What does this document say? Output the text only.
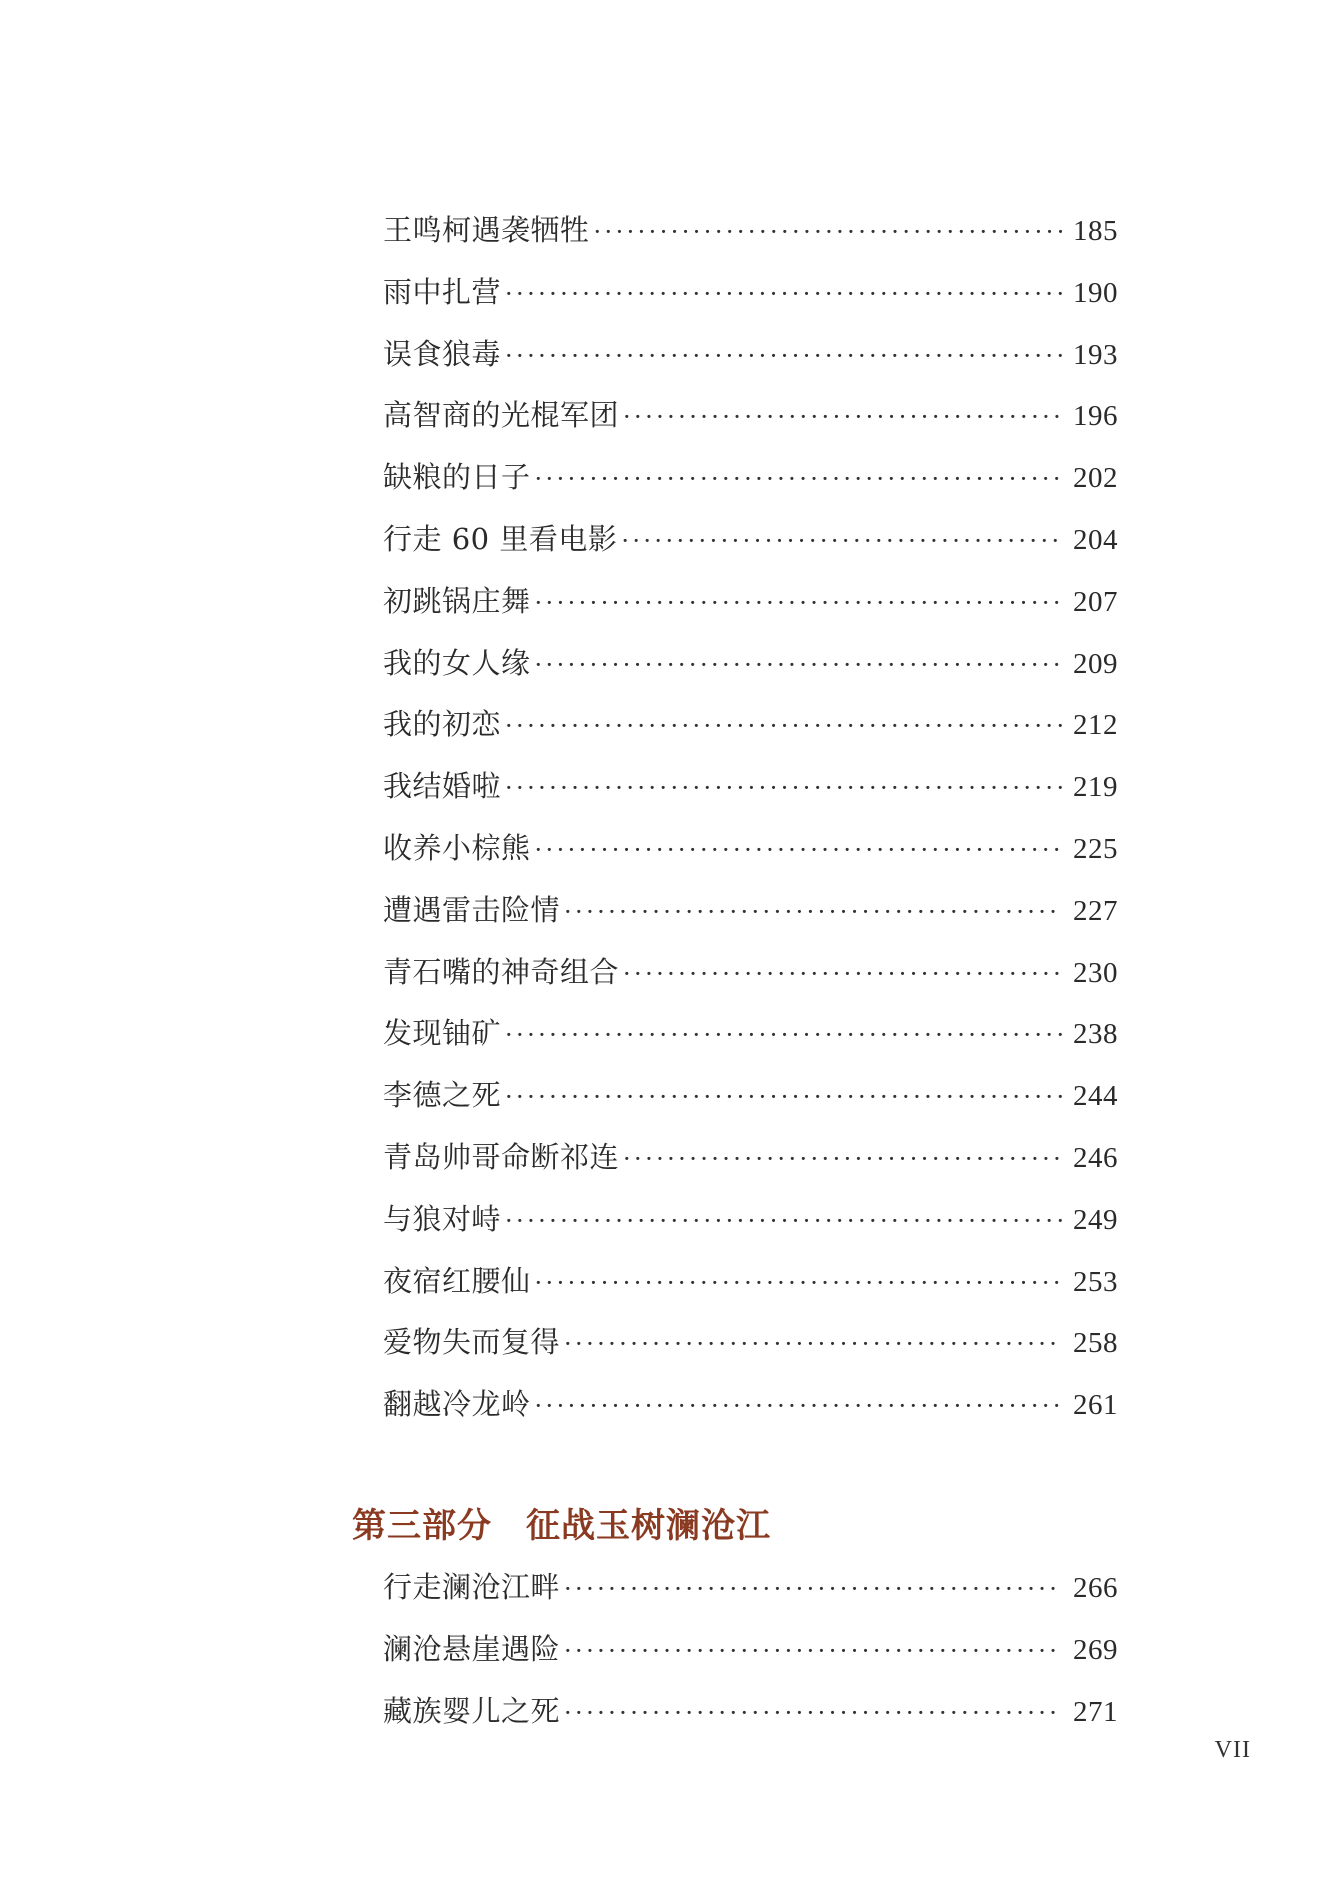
王鸣柯遇袭牺牲 ·····	185
雨中扎营 ·····	190
误食狼毒 ·····	193
高智商的光棍军团 ·····	196
缺粮的日子 ·····	202
行走 60 里看电影 ·····	204
初跳锅庄舞 ·····	207
我的女人缘 ·····	209
我的初恋 ·····	212
我结婚啦 ·····	219
收养小棕熊 ·····	225
遭遇雷击险情 ·····	227
青石嘴的神奇组合 ·····	230
发现铀矿 ·····	238
李德之死 ·····	244
青岛帅哥命断祁连 ·····	246
与狼对峙 ·····	249
夜宿红腰仙 ·····	253
爱物失而复得 ·····	258
翻越冷龙岭 ·····	261
第三部分 征战玉树澜沧江
行走澜沧江畔 ·····	266
澜沧悬崖遇险 ·····	269
藏族婴儿之死 ·····	271
VII
